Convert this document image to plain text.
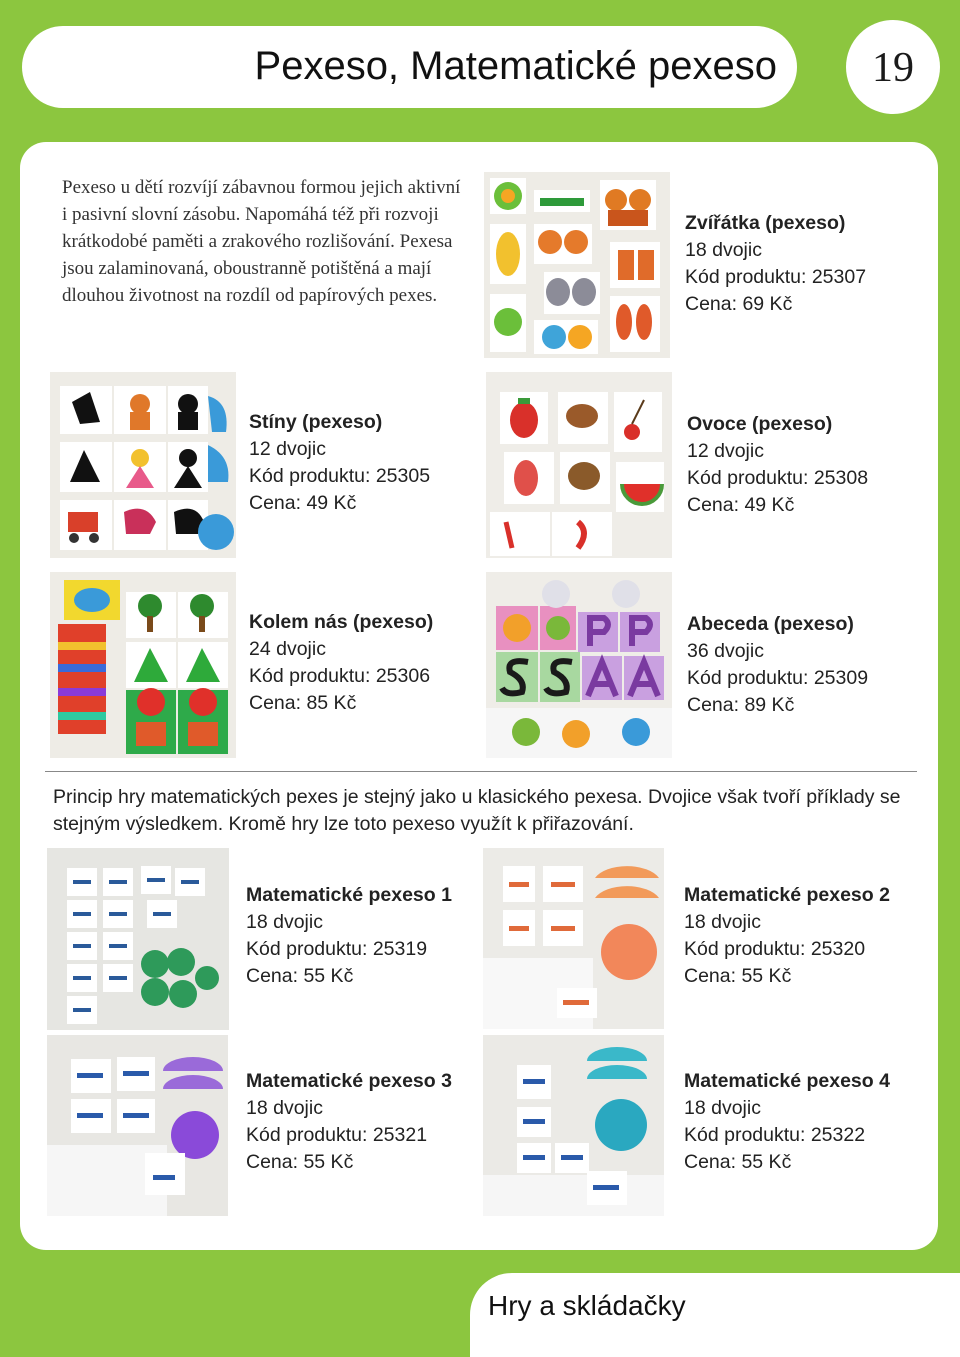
Pexeso, Matematické pexeso	19
Pexeso u dětí rozvíjí zábavnou formou jejich aktivní i pasivní slovní zásobu. Napomáhá též při rozvoji krátkodobé paměti a zrakového rozlišování. Pexesa jsou zalaminovaná, oboustranně potištěná a mají dlouhou životnost na rozdíl od papírových pexes.
Zvířátka (pexeso)
18 dvojic
Kód produktu: 25307
Cena: 69 Kč
Stíny (pexeso)
12 dvojic
Kód produktu: 25305
Cena: 49 Kč
Ovoce (pexeso)
12 dvojic
Kód produktu: 25308
Cena: 49 Kč
Kolem nás (pexeso)
24 dvojic
Kód produktu: 25306
Cena: 85 Kč
Abeceda (pexeso)
36 dvojic
Kód produktu: 25309
Cena: 89 Kč
Princip hry matematických pexes je stejný jako u klasického pexesa. Dvojice však tvoří příklady se stejným výsledkem. Kromě hry lze toto pexeso využít k přiřazování.
Matematické pexeso 1
18 dvojic
Kód produktu: 25319
Cena: 55 Kč
Matematické pexeso 2
18 dvojic
Kód produktu: 25320
Cena: 55 Kč
Matematické pexeso 3
18 dvojic
Kód produktu: 25321
Cena: 55 Kč
Matematické pexeso 4
18 dvojic
Kód produktu: 25322
Cena: 55 Kč
Hry a skládačky
